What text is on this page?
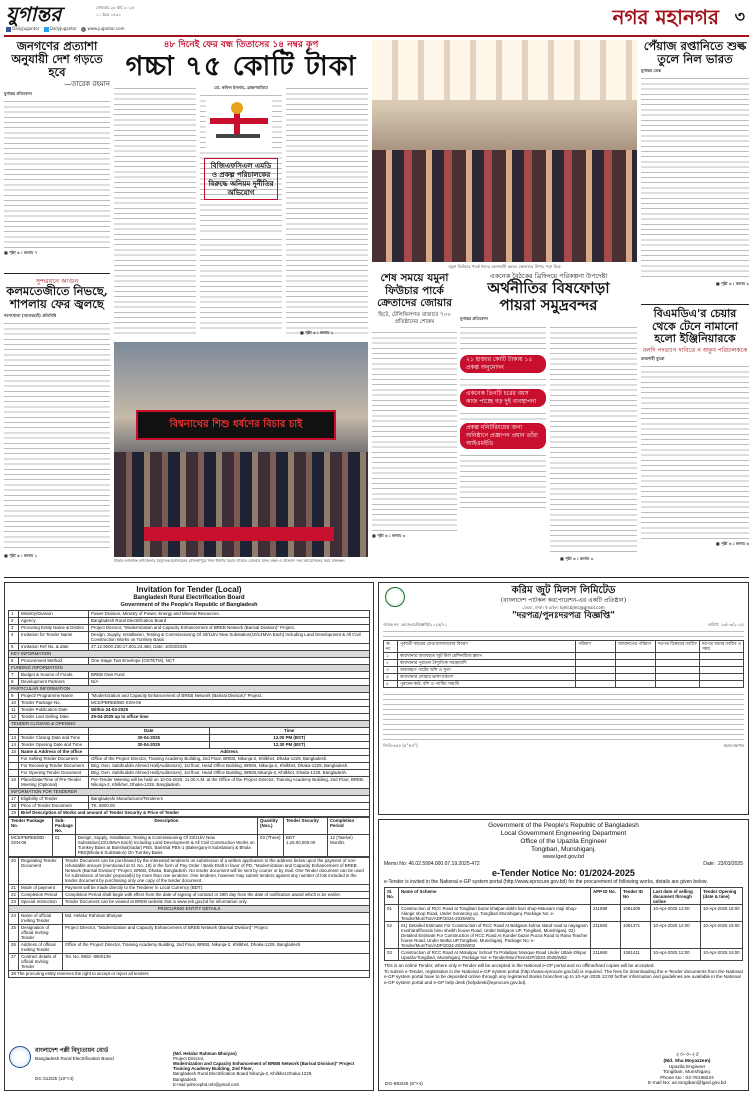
যুগান্তর	সোমবার ২৮ মার্চ ২০২৫
১০ চৈত্র ১৪৩১
DailyJugantor	DailyJugantor	www.jugantor.com	নগর মহানগর ৩
জনগণের প্রত্যাশা অনুযায়ী দেশ গড়তে হবে
—তারেক রহমান
যুগান্তর প্রতিবেদন
■ পৃষ্ঠা ৬ : কলাম ৭
সুন্দরবনে আগুন
কলমতেজীতে নিভছে, শাপলায় ফের জ্বলছে
শরণখোলা (বাগেরহাট) প্রতিনিধি
■ পৃষ্ঠা ৬ : কলাম ১
৪৮ দিনেই ফের বন্ধ তিতাসের ১৪ নম্বর কূপ
গচ্চা ৭৫ কোটি টাকা
মো. কফিল ইসলাম, ব্রাহ্মণবাড়িয়া
বিজিএফসিএল এমডি ও প্রকল্প পরিচালকের বিরুদ্ধে অনিয়ম দুর্নীতির অভিযোগ
■ পৃষ্ঠা ৬ : কলাম ২
বিশ্বনাথের শিশু ধর্ষণের বিচার চাই
ঢাকার নবাবগঞ্জ উপজেলার বৈদ্যুতিক ইউনিয়নের মৌলভীপুরে শিশু ধর্ষণের বিচার দাবিতে রোববার মানব বন্ধন ও প্রতিবাদ সভা আয়োজনের সময় মানবন্ধন
যমুনা ফিউচার পার্কে ঈদের কেনাকাটা করতে ক্রেতাদের উপচে পড়া ভিড়
শেষ সময়ে যমুনা ফিউচার পার্কে ক্রেতাদের জোয়ার
ছিটে, টেলিফিলগত বাজারে ৭০০ প্রতিষ্ঠানের শোরুম
■ পৃষ্ঠা ৬ : কলাম ৩
একনেক বৈঠকের ব্রিফিংয়ে পরিকল্পনা উপদেষ্টা
অর্থনীতির বিষফোড়া
পায়রা সমুদ্রবন্দর
যুগান্তর প্রতিবেদন
২১ হাজার কোটি টাকায় ১৫ প্রকল্প অনুমোদন
একনেক তিনটি চরের বয়স কাজ পাচ্ছে বড় দুই ব্যবস্থাপনা
প্রকল্প মনিটরিংয়ের জন্য অনিষ্ঠানে প্রজ্ঞাপন প্রধান তাঁরা আইএমইডি
■ পৃষ্ঠা ৬ : কলাম ৩
পেঁয়াজ রপ্তানিতে শুল্ক তুলে নিল ভারত
যুগান্তর ডেস্ক
■ পৃষ্ঠা ৬ : কলাম ৩
বিএমডিএ'র চেয়ার থেকে টেনে নামানো হলো ইঞ্জিনিয়ারকে
বলদি পদত্যাগ দাবিতে ন অফুন পরিচালককে
রাজশাহী ব্যুরো
■ পৃষ্ঠা ৬ : কলাম ৬
করিম জুট মিলস লিমিটেড
(বাংলাদেশ পাটকল করপোরেশন-এর একটি প্রতিষ্ঠান)
ডেমরা, ঢাকা। ই-মেইল: kjml.bjmc@gmail.com
"দরপত্র/পুনঃদরপত্র বিজ্ঞপ্তি"
স্মারক নং: কেজেএম/বিজ্ঞপ্তি/২০২৫/৭১	তারিখ: ২৩/০৩/২০২৫
ক্র. নং	পূর্ববর্তী বছরের প্রাপ্ত মালামালের বিবরণ	পরিমাণ	জামানতের পরিমাণ	দরপত্র বিক্রয়ের তারিখ	দরপত্র জমার তারিখ ও সময়
১	কারখানার অব্যবহৃত জুট মিল মেশিনারিজ স্ক্র্যাপ				
২	কারখানার পুরাতন বৈদ্যুতিক সরঞ্জামাদি				
৩	অব্যবহৃত পাটের আঁশ ও সুতা				
৪	কারখানার লোহার ভাঙ্গা যন্ত্রাংশ				
৫	পুরাতন কাঠ, বাঁশ ও প্যাকিং সামগ্রী				
জিডি-৬৫৫ (৫"×৫")	মহাব্যবস্থাপক
Government of the People's Republic of Bangladesh
Local Government Engineering Department
Office of the Upazila Engineer
Tongibari, Munshiganj.
www.lged.gov.bd
Memo No: 46.02.5994.000.07.19.2025-472	Date : 23/03/2025
e-Tender Notice No: 01/2024-2025
e-Tender is invited in the National e-GP system portal (http://www.eprocure.gov.bd) for the procurement of following works, details are given below.
Sl. No.	Name of Scheme	APP ID No.	Tender ID No	Last date of selling document through online	Tender Opening (date & time)
01	Construction of RCC Road at Tongibari bazar khalpar-dokhi bazi shop-Mausam maji Shop- Alangir shop Road, Under Sonarong up, Tongibari Munshiganj. Package No: e-Tender/Mun/Ton/ADP/2024-2025/W01	211889	1091408	10-Apr-2025 12:00	10-Apr-2025 15:00
02	01) Detailed Estimate For Construction of RCC Road At Baligaon kolma stand road to nayagaon mosharaf/hossin binu sheikh house Road, Under Baligaon UP, Tongibari, Munshiganj. 02) Detailed Estimate For Construction of RCC Road At Kunder bazar Pucca Road to Rana Teacher house Road, Under Betka UP,Tongibari, Munshiganj. Package No: e-Tender/Mun/Ton/ADP/2024-2025/W02	211860	1091371	10-Apr-2025 12:00	10-Apr-2025 15:00
03	Construction of RCC Road At Motukpur School To Poladipur Mosque Road Under Uttain-Dhipur Upazila-Tongibari, Munshiganj. Package No: e-Tender/Mun/Ton/ADP/2024-2025/W03	211860	1091411	10-Apr-2025 12:00	10-Apr-2025 15:00
This is an online Tender, where only e-Tender will be accepted in the National e-GP portal and no offline/hard copies will be accepted.
To submit e-Tender, registration in the National e-GP system portal (http://www.eprocure.gov.bd) is required. The fees for downloading the e-Tender documents from the National e-GP system portal have to be deposited online through any registered Banks branches up to 10-Apr-2025 13:00 further information and guidelines are available in the National e-GP system portal and e-GP help desk (helpdesk@eprocure.gov.bd).
২৩-৩-২৫
(Md. Sha Moyazzem)
Upazila Engineer
Tongibari, Munshiganj.
Phone No : 02-76198224
E-mail No: ue.tongibari@lged.gov.bd
DG-893/25 (6"×4)
Invitation for Tender (Local)
Bangladesh Rural Electrification Board
Government of the People's Republic of Bangladesh
1	Ministry/Division	Power Division, Ministry of Power, Energy and Mineral Resources.	
2	Agency	Bangladesh Rural Electrification Board	
3	Procuring Entity Name & District	Project Director, "Modernization and Capacity Enhancement of BREB Network (Barisal Division)" Project.	
4	Invitation for Tender Name	Design, Supply, Installation, Testing & Commissioning Of 33/11kV New Substation(10/14MVA Each) Including Land Development & All Civil Construction Works on Turnkey Basis	
5	Invitation Ref No. & date	27.12.9000.230.17.001.24.460, Date: 10/03/2025	
KEY INFORMATION			
6	Procurement Method	One Stage Two Envelope (OSTETM), NCT	
FUNDING INFORMATION			
7	Budget & Source of Funds	BREB Own Fund	
8	Development Partners	N/A	
PARTICULAR INFORMATION			
9	Project/ Programme Name	"Modernization and Capacity Enhancement of BREB Network (Barisal Division)" Project.	
10	Tender Package No.	MCE/PBREB/BD-SSN-06	
11	Tender Publication Date	Within 24-03-2025	
12	Tender Last Selling Date	29-04-2025 up to office time	
TENDER CLOSING & OPENING			
		Date	Time
13	Tender Closing Date and Time	30-04-2025	12.00 PM (BST)
14	Tender Opening Date and Time	30-04-2025	12.30 PM (BST)
15	Name & Address of the office	Address	
	For Selling Tender Document	Office of the Project Director, Training Academy Building, 2nd Floor, BREB, Nikunja-2, Khilkhet, Dhaka-1229, Bangladesh.	
	For Receiving Tender Document	Brig. Gen. Sabihuddin Ahmed Hall(Auditorium), 1st floor, Head Office Building, BREB, Nikunja-2, Khilkhet, Dhaka-1229, Bangladesh.	
	For Opening Tender Document	Brig. Gen. Sabihuddin Ahmed Hall(Auditorium), 1st floor, Head Office Building, BREB,Nikunja-2, Khilkhet, Dhaka-1229, Bangladesh.	
16	Place/Date/Time of Pre-Tender Meeting (Optional)	Pre-Tender Meeting will be held on 10-04-2025, 11.00 A.M. at the Office of the Project Director, Training Academy Building, 2nd Floor, BREB, Nikunja-2, Khilkhet, Dhaka-1229, Bangladesh.	
INFORMATION FOR TENDERER			
17	Eligibility of Tender	Bangladeshi Manufacturer/Tenderers	
18	Price of Tender Document	TK. 8000.00	
19	Brief Description of Works and amount of Tender Security & Price of Tender		
Tender Package No.	Sub-Package No.	Description	Quantity (Nos.)	Tender Security	Completion Period
MCE/PBREB/BD-SSN-06	01	Design, Supply, Installation, Testing & Commissioning Of 33/11kV New Substation(10/14MVA Each) Including Land Development & All Civil Construction Works on Turnkey Basis at Barishal(Sadar) PBS, Barishal PBS-1 (Bakerganj-8 Substation) & Bhola PBS(Bhola-6 Substation) On Turnkey Basis	03 (Three)	BDT 1,25,00,000.00	12 (Twelve) Months
20	Regulating Tender Document	Tender Document can be purchased by the interested tenderers on submission of a written application to the address below upon the payment of non-refundable amount (mentioned at Sl. No. 18) in the form of Pay Order / Bank Draft in favor of PD, "Modernization and Capacity Enhancement of BREB Network (Barisal Division)" Project, BREB, Dhaka, Bangladesh. No tender document will be sent by courier or by mail. One Tender document can be used for submission of tender proposal(s) by more than one tenderer. One tenderer, however may submit tenders against any number of lots included in the tender document by purchasing only one copy of the tender document.
21	Mode of payment	Payment will be made directly to the Tenderer in Local Currency (BDT).
22	Completion Period	Completion Period shall begin with effect from the date of signing of contract or 28th day from the date of notification award which is be earlier.
23	Special Instruction	Tender Document can be viewed at BREB website that is www.reb.gov.bd for information only.
PROCURING ENTITY DETAILS		
24	Name of official Inviting Tender	Md. Helalur Rahman Bhuiyan
25	Designation of official Inviting Tender	Project Director, "Modernization and Capacity Enhancement of BREB Network (Barisal Division)" Project
26	Address of official Inviting Tender	Office of the Project Director, Training Academy Building, 2nd Floor, BREB, Nikunja-2, Khilkhet, Dhaka-1229, Bangladesh.
27	Contract details of official Inviting Tender	Tel. No. 8802- 8900139
28 The procuring entity reserves the right to accept or reject all tenders		
বাংলাদেশ পল্লী বিদ্যুতায়ন বোর্ড
Bangladesh Rural Electrification Board
DC-313/25 (10"×4)
(Md. Helalur Rahman Bhuiyan)
Project Director,
Modernization and Capacity Enhancement of BREB Network (Barisal Division)" Project
Training Academy Building, 2nd Floor,
Bangladesh Rural Electrification Board Nikunja-2, Khilkhet,Dhaka-1229,
Bangladesh.
E-mail pdmcepbd.reb@gmail.com
